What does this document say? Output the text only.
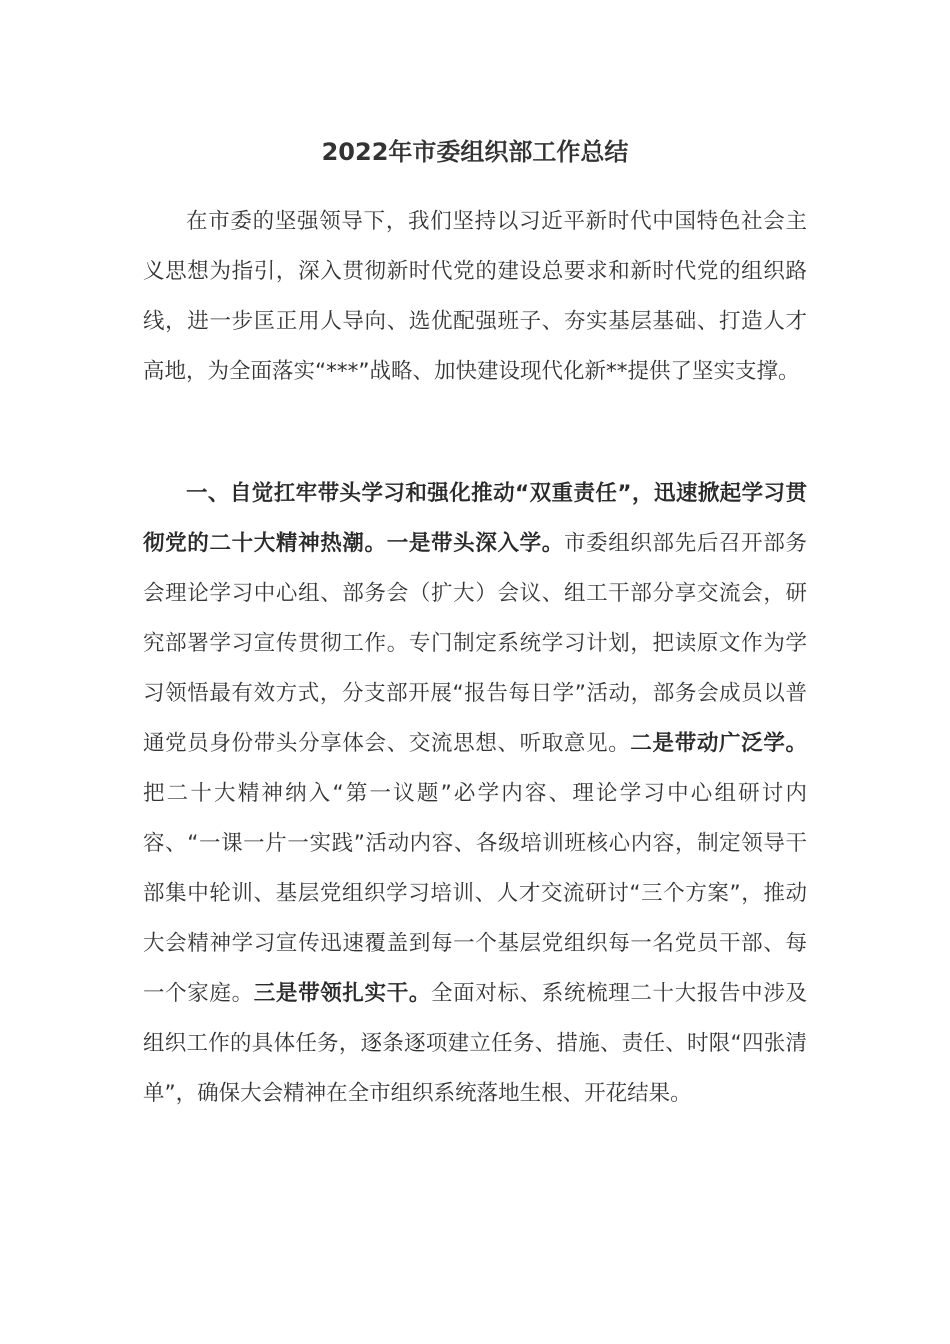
2022年市委组织部工作总结

在市委的坚强领导下，我们坚持以习近平新时代中国特色社会主义思想为指引，深入贯彻新时代党的建设总要求和新时代党的组织路线，进一步匡正用人导向、选优配强班子、夯实基层基础、打造人才高地，为全面落实“***”战略、加快建设现代化新**提供了坚实支撑。

一、自觉扛牢带头学习和强化推动“双重责任”，迅速掀起学习贯彻党的二十大精神热潮。一是带头深入学。市委组织部先后召开部务会理论学习中心组、部务会（扩大）会议、组工干部分享交流会，研究部署学习宣传贯彻工作。专门制定系统学习计划，把读原文作为学习领悟最有效方式，分支部开展“报告每日学”活动，部务会成员以普通党员身份带头分享体会、交流思想、听取意见。二是带动广泛学。把二十大精神纳入“第一议题”必学内容、理论学习中心组研讨内容、“一课一片一实践”活动内容、各级培训班核心内容，制定领导干部集中轮训、基层党组织学习培训、人才交流研讨“三个方案”，推动大会精神学习宣传迅速覆盖到每一个基层党组织每一名党员干部、每一个家庭。三是带领扎实干。全面对标、系统梳理二十大报告中涉及组织工作的具体任务，逐条逐项建立任务、措施、责任、时限“四张清单”，确保大会精神在全市组织系统落地生根、开花结果。
